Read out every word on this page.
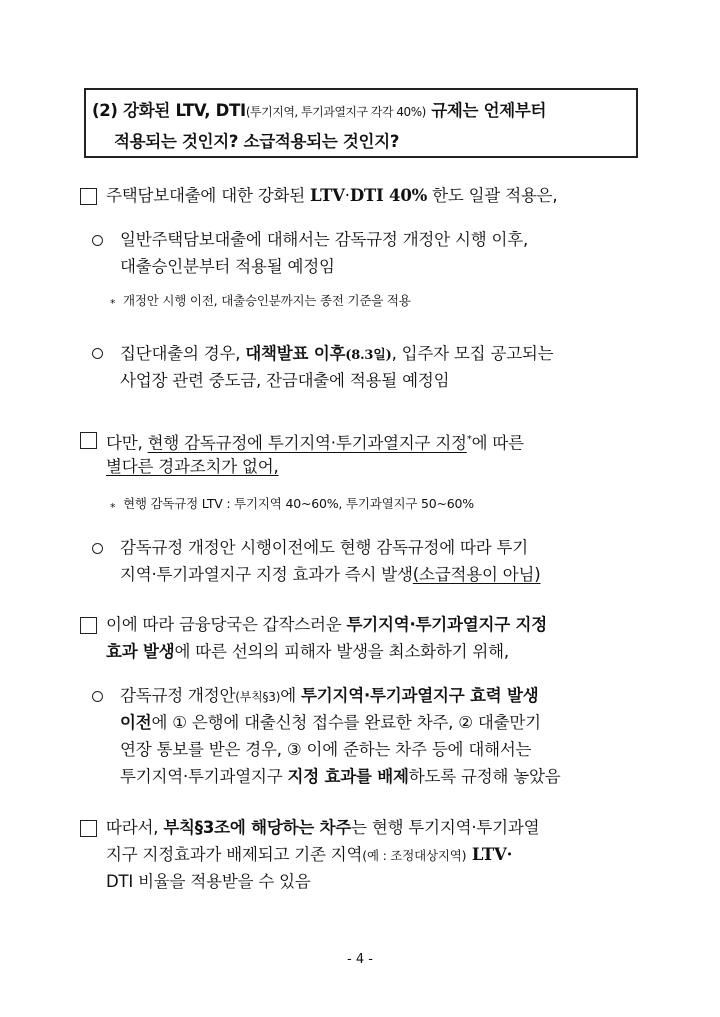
(2) 강화된 LTV, DTI(투기지역, 투기과열지구 각각 40%) 규제는 언제부터
적용되는 것인지? 소급적용되는 것인지?
주택담보대출에 대한 강화된 LTV·DTI 40% 한도 일괄 적용은,
일반주택담보대출에 대해서는 감독규정 개정안 시행 이후,
대출승인분부터 적용될 예정임
* 개정안 시행 이전, 대출승인분까지는 종전 기준을 적용
집단대출의 경우, 대책발표 이후(8.3일), 입주자 모집 공고되는
사업장 관련 중도금, 잔금대출에 적용될 예정임
다만, 현행 감독규정에 투기지역·투기과열지구 지정*에 따른
별다른 경과조치가 없어,
* 현행 감독규정 LTV : 투기지역 40~60%, 투기과열지구 50~60%
감독규정 개정안 시행이전에도 현행 감독규정에 따라 투기
지역·투기과열지구 지정 효과가 즉시 발생(소급적용이 아님)
이에 따라 금융당국은 갑작스러운 투기지역·투기과열지구 지정
효과 발생에 따른 선의의 피해자 발생을 최소화하기 위해,
감독규정 개정안(부칙§3)에 투기지역·투기과열지구 효력 발생
이전에 ① 은행에 대출신청 접수를 완료한 차주, ② 대출만기
연장 통보를 받은 경우, ③ 이에 준하는 차주 등에 대해서는
투기지역·투기과열지구 지정 효과를 배제하도록 규정해 놓았음
따라서, 부칙§3조에 해당하는 차주는 현행 투기지역·투기과열
지구 지정효과가 배제되고 기존 지역(예 : 조정대상지역) LTV·
DTI 비율을 적용받을 수 있음
- 4 -
